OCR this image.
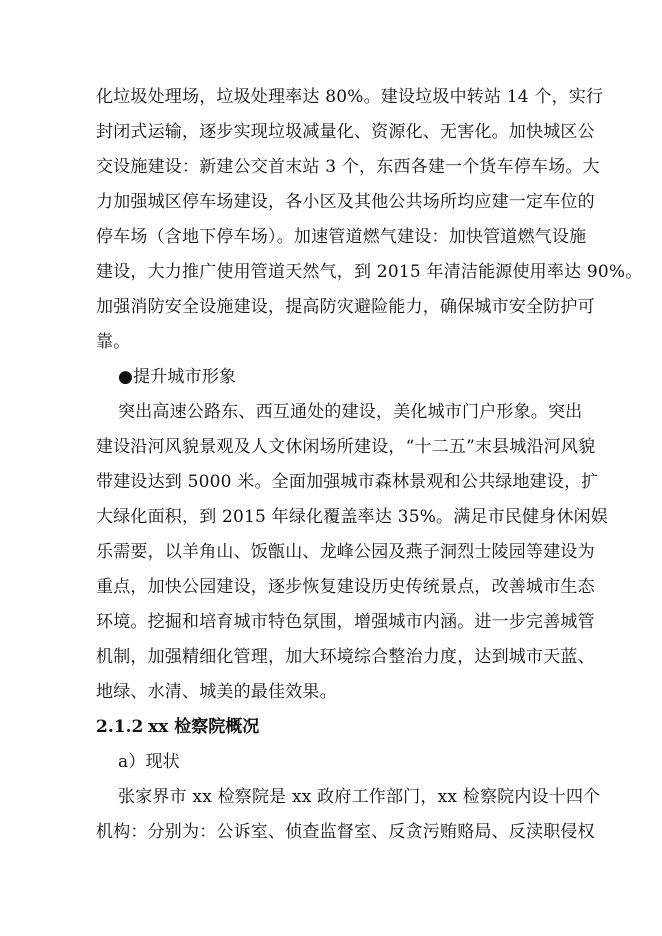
化垃圾处理场，垃圾处理率达 80%。建设垃圾中转站 14 个，实行
封闭式运输，逐步实现垃圾减量化、资源化、无害化。加快城区公
交设施建设：新建公交首末站 3 个，东西各建一个货车停车场。大
力加强城区停车场建设，各小区及其他公共场所均应建一定车位的
停车场（含地下停车场）。加速管道燃气建设：加快管道燃气设施
建设，大力推广使用管道天然气，到 2015 年清洁能源使用率达 90%。
加强消防安全设施建设，提高防灾避险能力，确保城市安全防护可
靠。
●提升城市形象
突出高速公路东、西互通处的建设，美化城市门户形象。突出
建设沿河风貌景观及人文休闲场所建设，“十二五”末县城沿河风貌
带建设达到 5000 米。全面加强城市森林景观和公共绿地建设，扩
大绿化面积，到 2015 年绿化覆盖率达 35%。满足市民健身休闲娱
乐需要，以羊角山、饭甑山、龙峰公园及燕子洞烈士陵园等建设为
重点，加快公园建设，逐步恢复建设历史传统景点，改善城市生态
环境。挖掘和培育城市特色氛围，增强城市内涵。进一步完善城管
机制，加强精细化管理，加大环境综合整治力度，达到城市天蓝、
地绿、水清、城美的最佳效果。
2.1.2 xx 检察院概况
a）现状
张家界市 xx 检察院是 xx 政府工作部门，xx 检察院内设十四个
机构：分别为：公诉室、侦查监督室、反贪污贿赂局、反渎职侵权
